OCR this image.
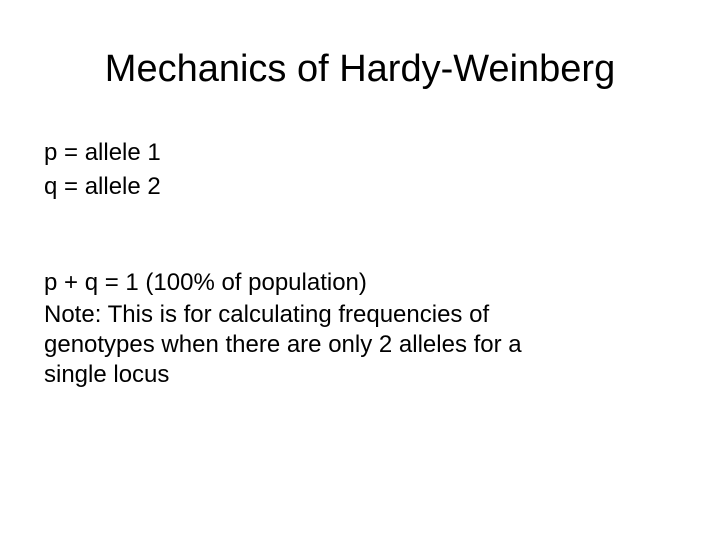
Mechanics of Hardy-Weinberg

p = allele 1

q = allele 2

p + q = 1 (100% of population)

Note: This is for calculating frequencies of
genotypes when there are only 2 alleles for a
single locus
